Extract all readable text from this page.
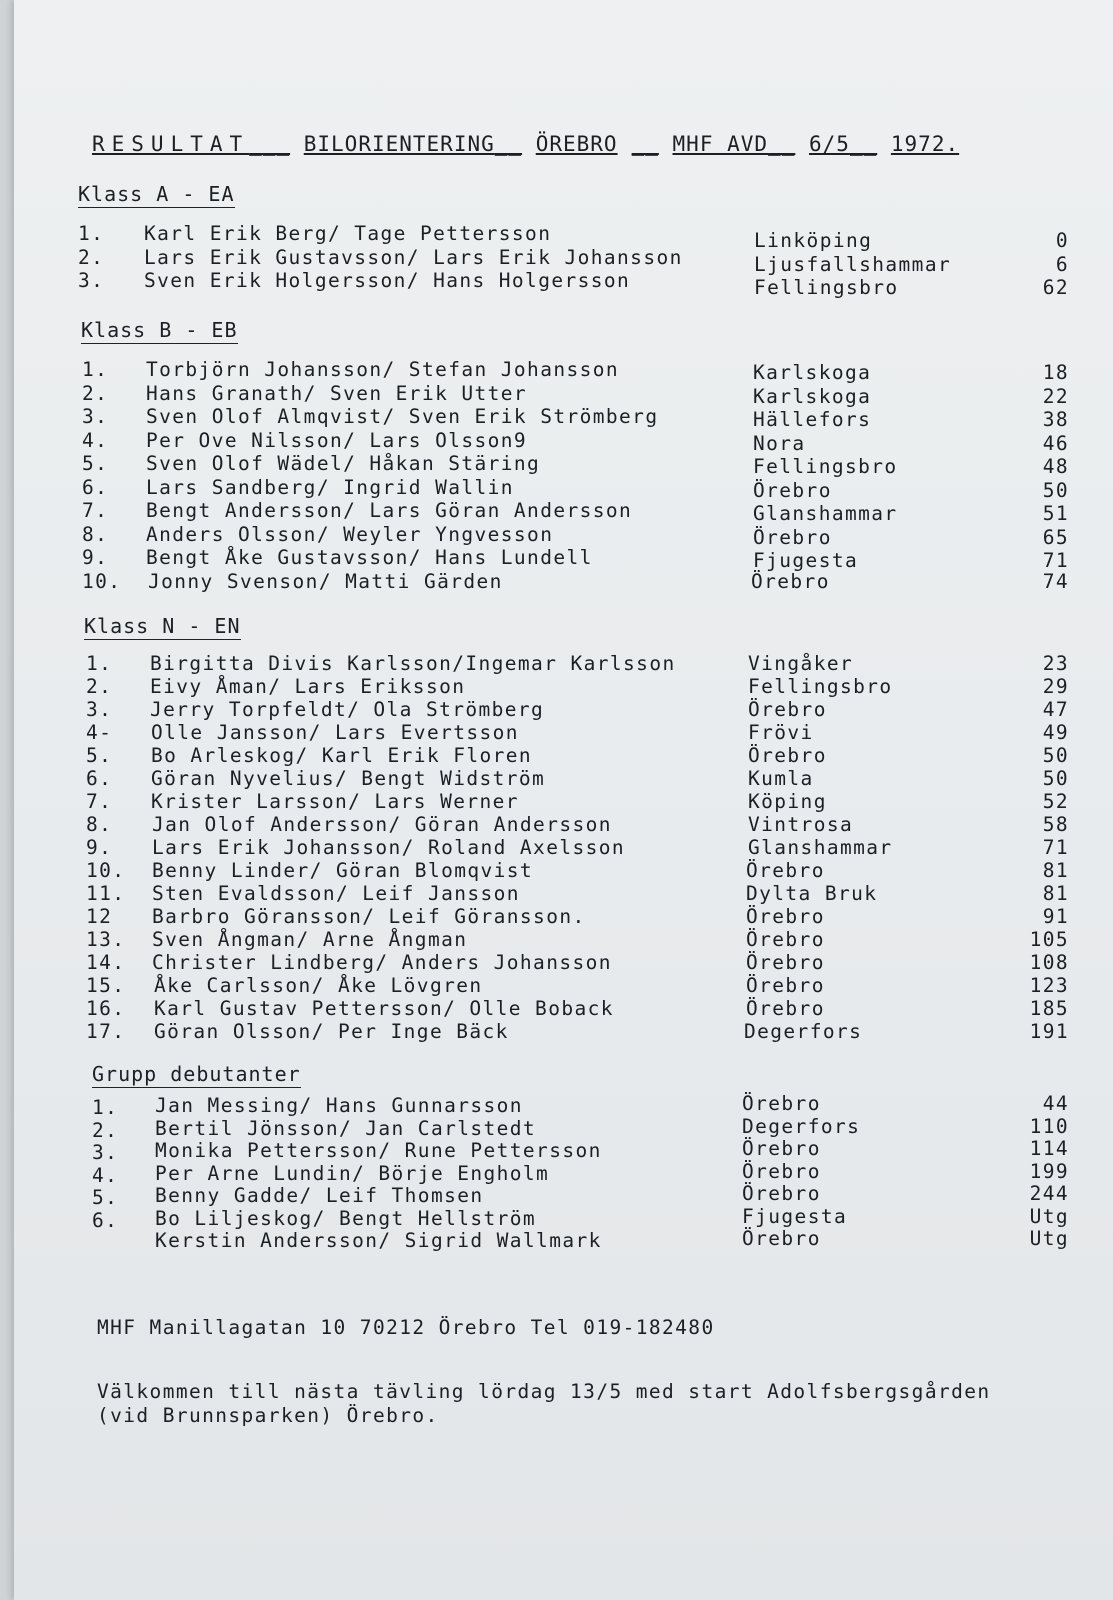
RESULTAT___ BILORIENTERING__ ÖREBRO __ MHF AVD__ 6/5__ 1972.
Klass A - EA
1. Karl Erik Berg/ Tage Pettersson	Linköping	0
2. Lars Erik Gustavsson/ Lars Erik Johansson	Ljusfallshammar	6
3. Sven Erik Holgersson/ Hans Holgersson	Fellingsbro	62
Klass B - EB
1. Torbjörn Johansson/ Stefan Johansson	Karlskoga	18
2. Hans Granath/ Sven Erik Utter	Karlskoga	22
3. Sven Olof Almqvist/ Sven Erik Strömberg	Hällefors	38
4. Per Ove Nilsson/ Lars Olsson9	Nora	46
5. Sven Olof Wädel/ Håkan Stäring	Fellingsbro	48
6. Lars Sandberg/ Ingrid Wallin	Örebro	50
7. Bengt Andersson/ Lars Göran Andersson	Glanshammar	51
8. Anders Olsson/ Weyler Yngvesson	Örebro	65
9. Bengt Åke Gustavsson/ Hans Lundell	Fjugesta	71
10. Jonny Svenson/ Matti Gärden	Örebro	74
Klass N - EN
1. Birgitta Divis Karlsson/Ingemar Karlsson	Vingåker	23
2. Eivy Åman/ Lars Eriksson	Fellingsbro	29
3. Jerry Torpfeldt/ Ola Strömberg	Örebro	47
4- Olle Jansson/ Lars Evertsson	Frövi	49
5. Bo Arleskog/ Karl Erik Floren	Örebro	50
6. Göran Nyvelius/ Bengt Widström	Kumla	50
7. Krister Larsson/ Lars Werner	Köping	52
8. Jan Olof Andersson/ Göran Andersson	Vintrosa	58
9. Lars Erik Johansson/ Roland Axelsson	Glanshammar	71
10. Benny Linder/ Göran Blomqvist	Örebro	81
11. Sten Evaldsson/ Leif Jansson	Dylta Bruk	81
12 Barbro Göransson/ Leif Göransson.	Örebro	91
13. Sven Ångman/ Arne Ångman	Örebro	105
14. Christer Lindberg/ Anders Johansson	Örebro	108
15. Åke Carlsson/ Åke Lövgren	Örebro	123
16. Karl Gustav Pettersson/ Olle Boback	Örebro	185
17. Göran Olsson/ Per Inge Bäck	Degerfors	191
Grupp debutanter
1. Jan Messing/ Hans Gunnarsson	Örebro	44
2. Bertil Jönsson/ Jan Carlstedt	Degerfors	110
3. Monika Pettersson/ Rune Pettersson	Örebro	114
4. Per Arne Lundin/ Börje Engholm	Örebro	199
5. Benny Gadde/ Leif Thomsen	Örebro	244
6. Bo Liljeskog/ Bengt Hellström	Fjugesta	Utg
Kerstin Andersson/ Sigrid Wallmark	Örebro	Utg
MHF Manillagatan 10 70212 Örebro Tel 019-182480
Välkommen till nästa tävling lördag 13/5 med start Adolfsbergsgården
(vid Brunnsparken) Örebro.
